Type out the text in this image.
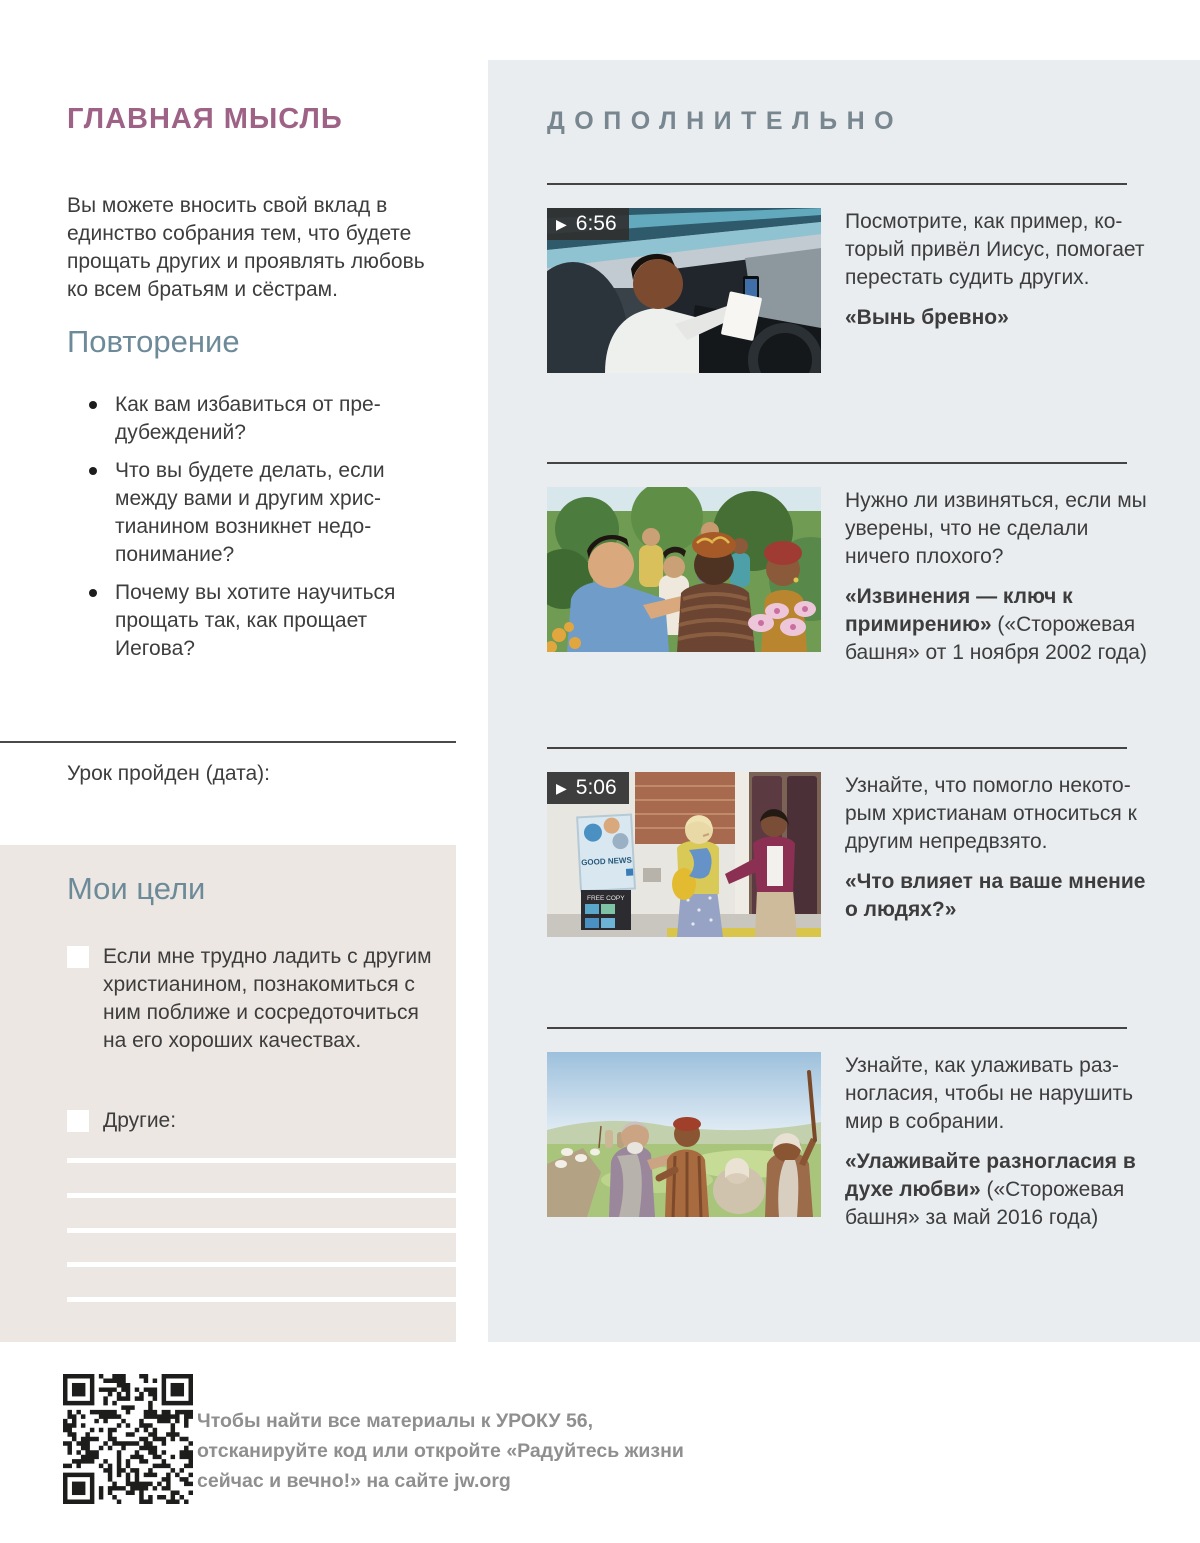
ГЛАВНАЯ МЫСЛЬ

Вы можете вносить свой вклад в единство собрания тем, что будете прощать других и проявлять любовь ко всем братьям и сёстрам.

Повторение
Как вам избавиться от предубеждений?
Что вы будете делать, если между вами и другим христианином возникнет недопонимание?
Почему вы хотите научиться прощать так, как прощает Иегова?
Урок пройден (дата):
Мои цели
Если мне трудно ладить с другим христианином, познакомиться с ним поближе и сосредоточиться на его хороших качествах.
Другие:
ДОПОЛНИТЕЛЬНО
▶ 6:56	Посмотрите, как пример, который привёл Иисус, помогает перестать судить других.

«Вынь бревно»

Нужно ли извиняться, если мы уверены, что не сделали ничего плохого?

«Извинения — ключ к примирению» («Сторожевая башня» от 1 ноября 2002 года)

GOOD NEWS
FREE COPY
▶ 5:06	Узнайте, что помогло некоторым христианам относиться к другим непредвзято.

«Что влияет на ваше мнение о людях?»

Узнайте, как улаживать разногласия, чтобы не нарушить мир в собрании.

«Улаживайте разногласия в духе любви» («Сторожевая башня» за май 2016 года)

Чтобы найти все материалы к УРОКУ 56, отсканируйте код или откройте «Радуйтесь жизни сейчас и вечно!» на сайте jw.org
